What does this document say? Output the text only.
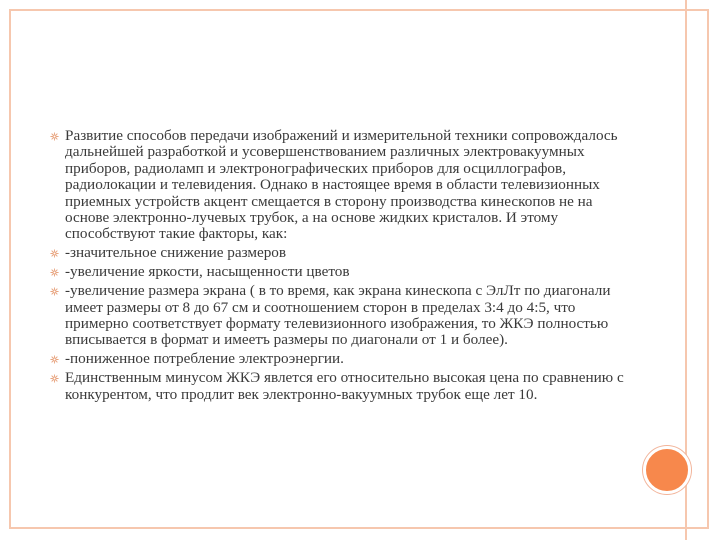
Развитие способов передачи изображений и измерительной техники сопровождалось дальнейшей разработкой и усовершенствованием различных электровакуумных приборов, радиоламп и электронографических приборов для осциллографов, радиолокации и телевидения. Однако в настоящее время в области телевизионных приемных устройств акцент смещается в сторону производства кинескопов не на основе электронно-лучевых трубок, а на основе жидких кристалов. И этому способствуют такие факторы, как:
-значительное снижение размеров
-увеличение яркости, насыщенности цветов
-увеличение размера экрана ( в то время, как экрана кинескопа с ЭлЛт по диагонали имеет размеры от 8 до 67 см и соотношением сторон в пределах 3:4 до 4:5, что примерно соответствует формату телевизионного изображения, то ЖКЭ полностью вписывается в формат и имеетъ размеры по диагонали от 1 и более).
-пониженное потребление электроэнергии.
Единственным минусом ЖКЭ явлется его относительно высокая цена по сравнению с конкурентом, что продлит век электронно-вакуумных трубок еще лет 10.
